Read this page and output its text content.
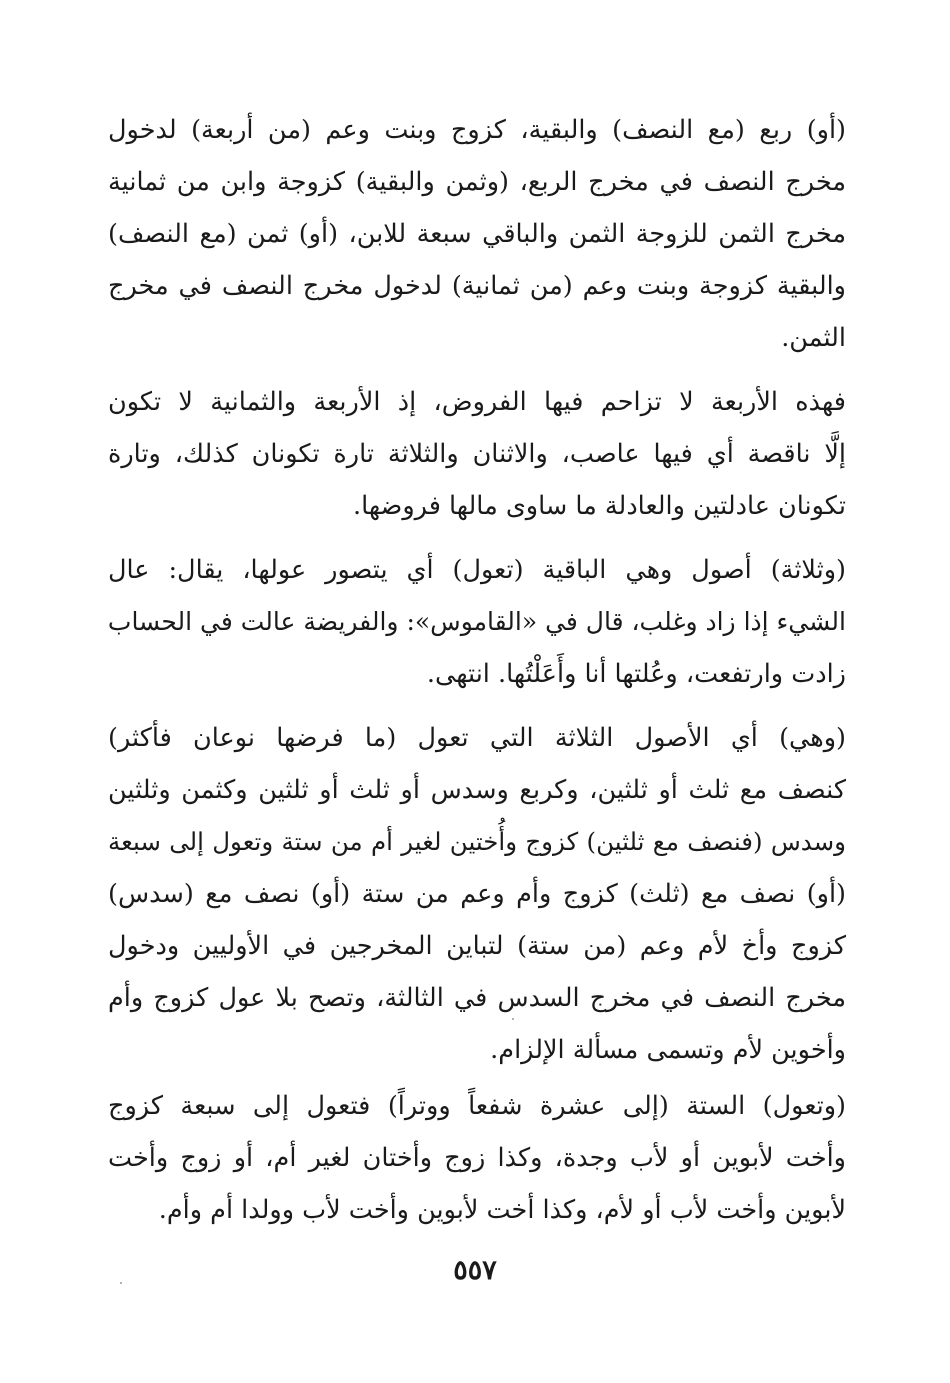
(أو) ربع (مع النصف) والبقية، كزوج وبنت وعم (من أربعة) لدخول
مخرج النصف في مخرج الربع، (وثمن والبقية) كزوجة وابن من ثمانية
مخرج الثمن للزوجة الثمن والباقي سبعة للابن، (أو) ثمن (مع النصف)
والبقية كزوجة وبنت وعم (من ثمانية) لدخول مخرج النصف في مخرج
الثمن.
فهذه الأربعة لا تزاحم فيها الفروض، إذ الأربعة والثمانية لا تكون
إلَّا ناقصة أي فيها عاصب، والاثنان والثلاثة تارة تكونان كذلك، وتارة
تكونان عادلتين والعادلة ما ساوى مالها فروضها.
(وثلاثة) أصول وهي الباقية (تعول) أي يتصور عولها، يقال: عال
الشيء إذا زاد وغلب، قال في «القاموس»: والفريضة عالت في الحساب
زادت وارتفعت، وعُلتها أنا وأَعَلْتُها. انتهى.
(وهي) أي الأصول الثلاثة التي تعول (ما فرضها نوعان فأكثر)
كنصف مع ثلث أو ثلثين، وكربع وسدس أو ثلث أو ثلثين وكثمن وثلثين
وسدس (فنصف مع ثلثين) كزوج وأُختين لغير أم من ستة وتعول إلى سبعة
(أو) نصف مع (ثلث) كزوج وأم وعم من ستة (أو) نصف مع (سدس)
كزوج وأخ لأم وعم (من ستة) لتباين المخرجين في الأوليين ودخول
مخرج النصف في مخرج السدس في الثالثة، وتصح بلا عول كزوج وأم
وأخوين لأم وتسمى مسألة الإلزام.
(وتعول) الستة (إلى عشرة شفعاً ووتراً) فتعول إلى سبعة كزوج
وأخت لأبوين أو لأب وجدة، وكذا زوج وأختان لغير أم، أو زوج وأخت
لأبوين وأخت لأب أو لأم، وكذا أخت لأبوين وأخت لأب وولدا أم وأم.
٥٥٧
